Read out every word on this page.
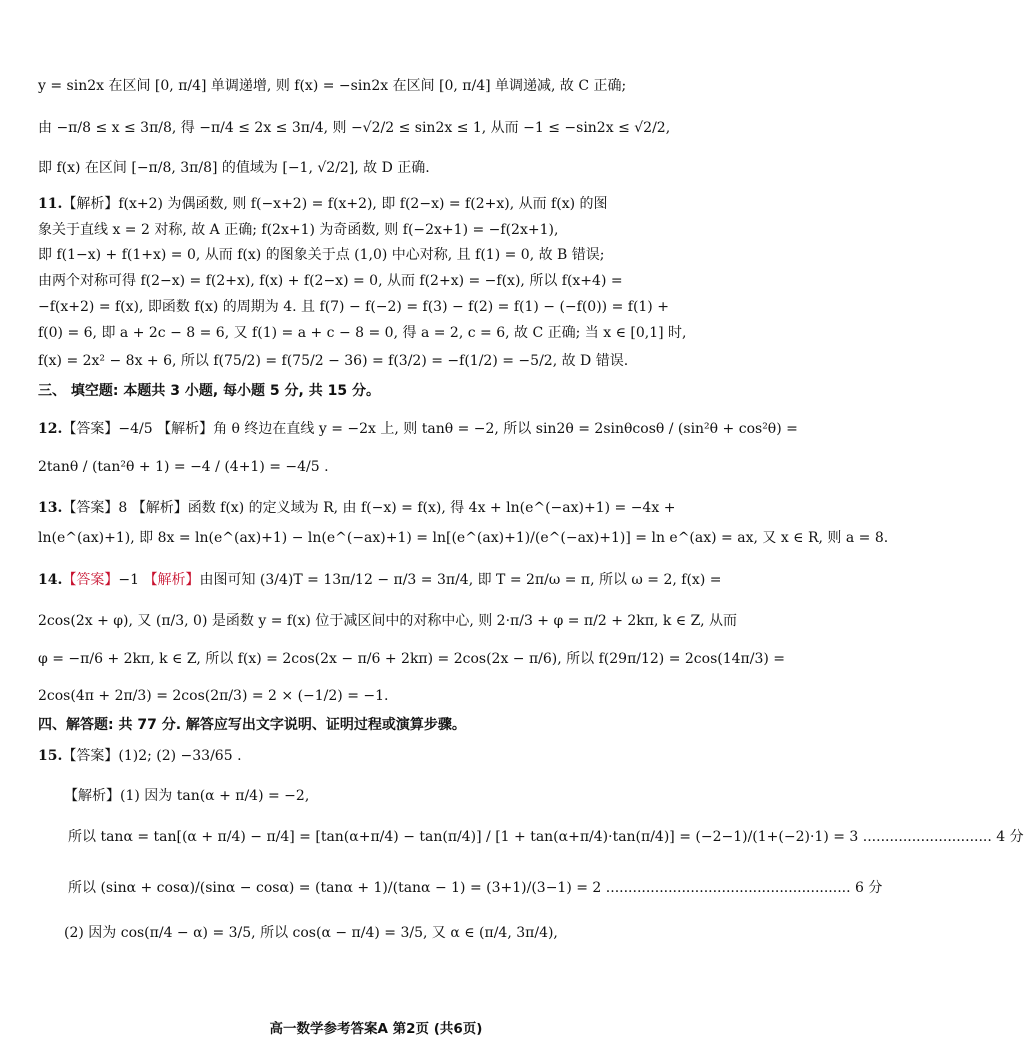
y = sin2x 在区间 [0, π/4] 单调递增, 则 f(x) = −sin2x 在区间 [0, π/4] 单调递减, 故 C 正确;
由 −π/8 ≤ x ≤ 3π/8, 得 −π/4 ≤ 2x ≤ 3π/4, 则 −√2/2 ≤ sin2x ≤ 1, 从而 −1 ≤ −sin2x ≤ √2/2,
即 f(x) 在区间 [−π/8, 3π/8] 的值域为 [−1, √2/2], 故 D 正确.
11.【解析】f(x+2) 为偶函数, 则 f(−x+2) = f(x+2), 即 f(2−x) = f(2+x), 从而 f(x) 的图
象关于直线 x = 2 对称, 故 A 正确; f(2x+1) 为奇函数, 则 f(−2x+1) = −f(2x+1),
即 f(1−x) + f(1+x) = 0, 从而 f(x) 的图象关于点 (1,0) 中心对称, 且 f(1) = 0, 故 B 错误;
由两个对称可得 f(2−x) = f(2+x), f(x) + f(2−x) = 0, 从而 f(2+x) = −f(x), 所以 f(x+4) =
−f(x+2) = f(x), 即函数 f(x) 的周期为 4. 且 f(7) − f(−2) = f(3) − f(2) = f(1) − (−f(0)) = f(1) +
f(0) = 6, 即 a + 2c − 8 = 6, 又 f(1) = a + c − 8 = 0, 得 a = 2, c = 6, 故 C 正确; 当 x ∈ [0,1] 时,
f(x) = 2x² − 8x + 6, 所以 f(75/2) = f(75/2 − 36) = f(3/2) = −f(1/2) = −5/2, 故 D 错误.
三、 填空题: 本题共 3 小题, 每小题 5 分, 共 15 分。
12.【答案】−4/5 【解析】角 θ 终边在直线 y = −2x 上, 则 tanθ = −2, 所以 sin2θ = 2sinθcosθ / (sin²θ + cos²θ) =
2tanθ / (tan²θ + 1) = −4 / (4+1) = −4/5 .
13.【答案】8 【解析】函数 f(x) 的定义域为 R, 由 f(−x) = f(x), 得 4x + ln(e^(−ax)+1) = −4x +
ln(e^(ax)+1), 即 8x = ln(e^(ax)+1) − ln(e^(−ax)+1) = ln[(e^(ax)+1)/(e^(−ax)+1)] = ln e^(ax) = ax, 又 x ∈ R, 则 a = 8.
14.【答案】−1 【解析】由图可知 (3/4)T = 13π/12 − π/3 = 3π/4, 即 T = 2π/ω = π, 所以 ω = 2, f(x) =
2cos(2x + φ), 又 (π/3, 0) 是函数 y = f(x) 位于减区间中的对称中心, 则 2·π/3 + φ = π/2 + 2kπ, k ∈ Z, 从而
φ = −π/6 + 2kπ, k ∈ Z, 所以 f(x) = 2cos(2x − π/6 + 2kπ) = 2cos(2x − π/6), 所以 f(29π/12) = 2cos(14π/3) =
2cos(4π + 2π/3) = 2cos(2π/3) = 2 × (−1/2) = −1.
四、解答题: 共 77 分. 解答应写出文字说明、证明过程或演算步骤。
15.【答案】(1)2; (2) −33/65 .
【解析】(1) 因为 tan(α + π/4) = −2,
所以 tanα = tan[(α + π/4) − π/4] = [tan(α+π/4) − tan(π/4)] / [1 + tan(α+π/4)·tan(π/4)] = (−2−1)/(1+(−2)·1) = 3 ............................. 4 分
所以 (sinα + cosα)/(sinα − cosα) = (tanα + 1)/(tanα − 1) = (3+1)/(3−1) = 2 ....................................................... 6 分
(2) 因为 cos(π/4 − α) = 3/5, 所以 cos(α − π/4) = 3/5, 又 α ∈ (π/4, 3π/4),
高一数学参考答案A 第2页 (共6页)
